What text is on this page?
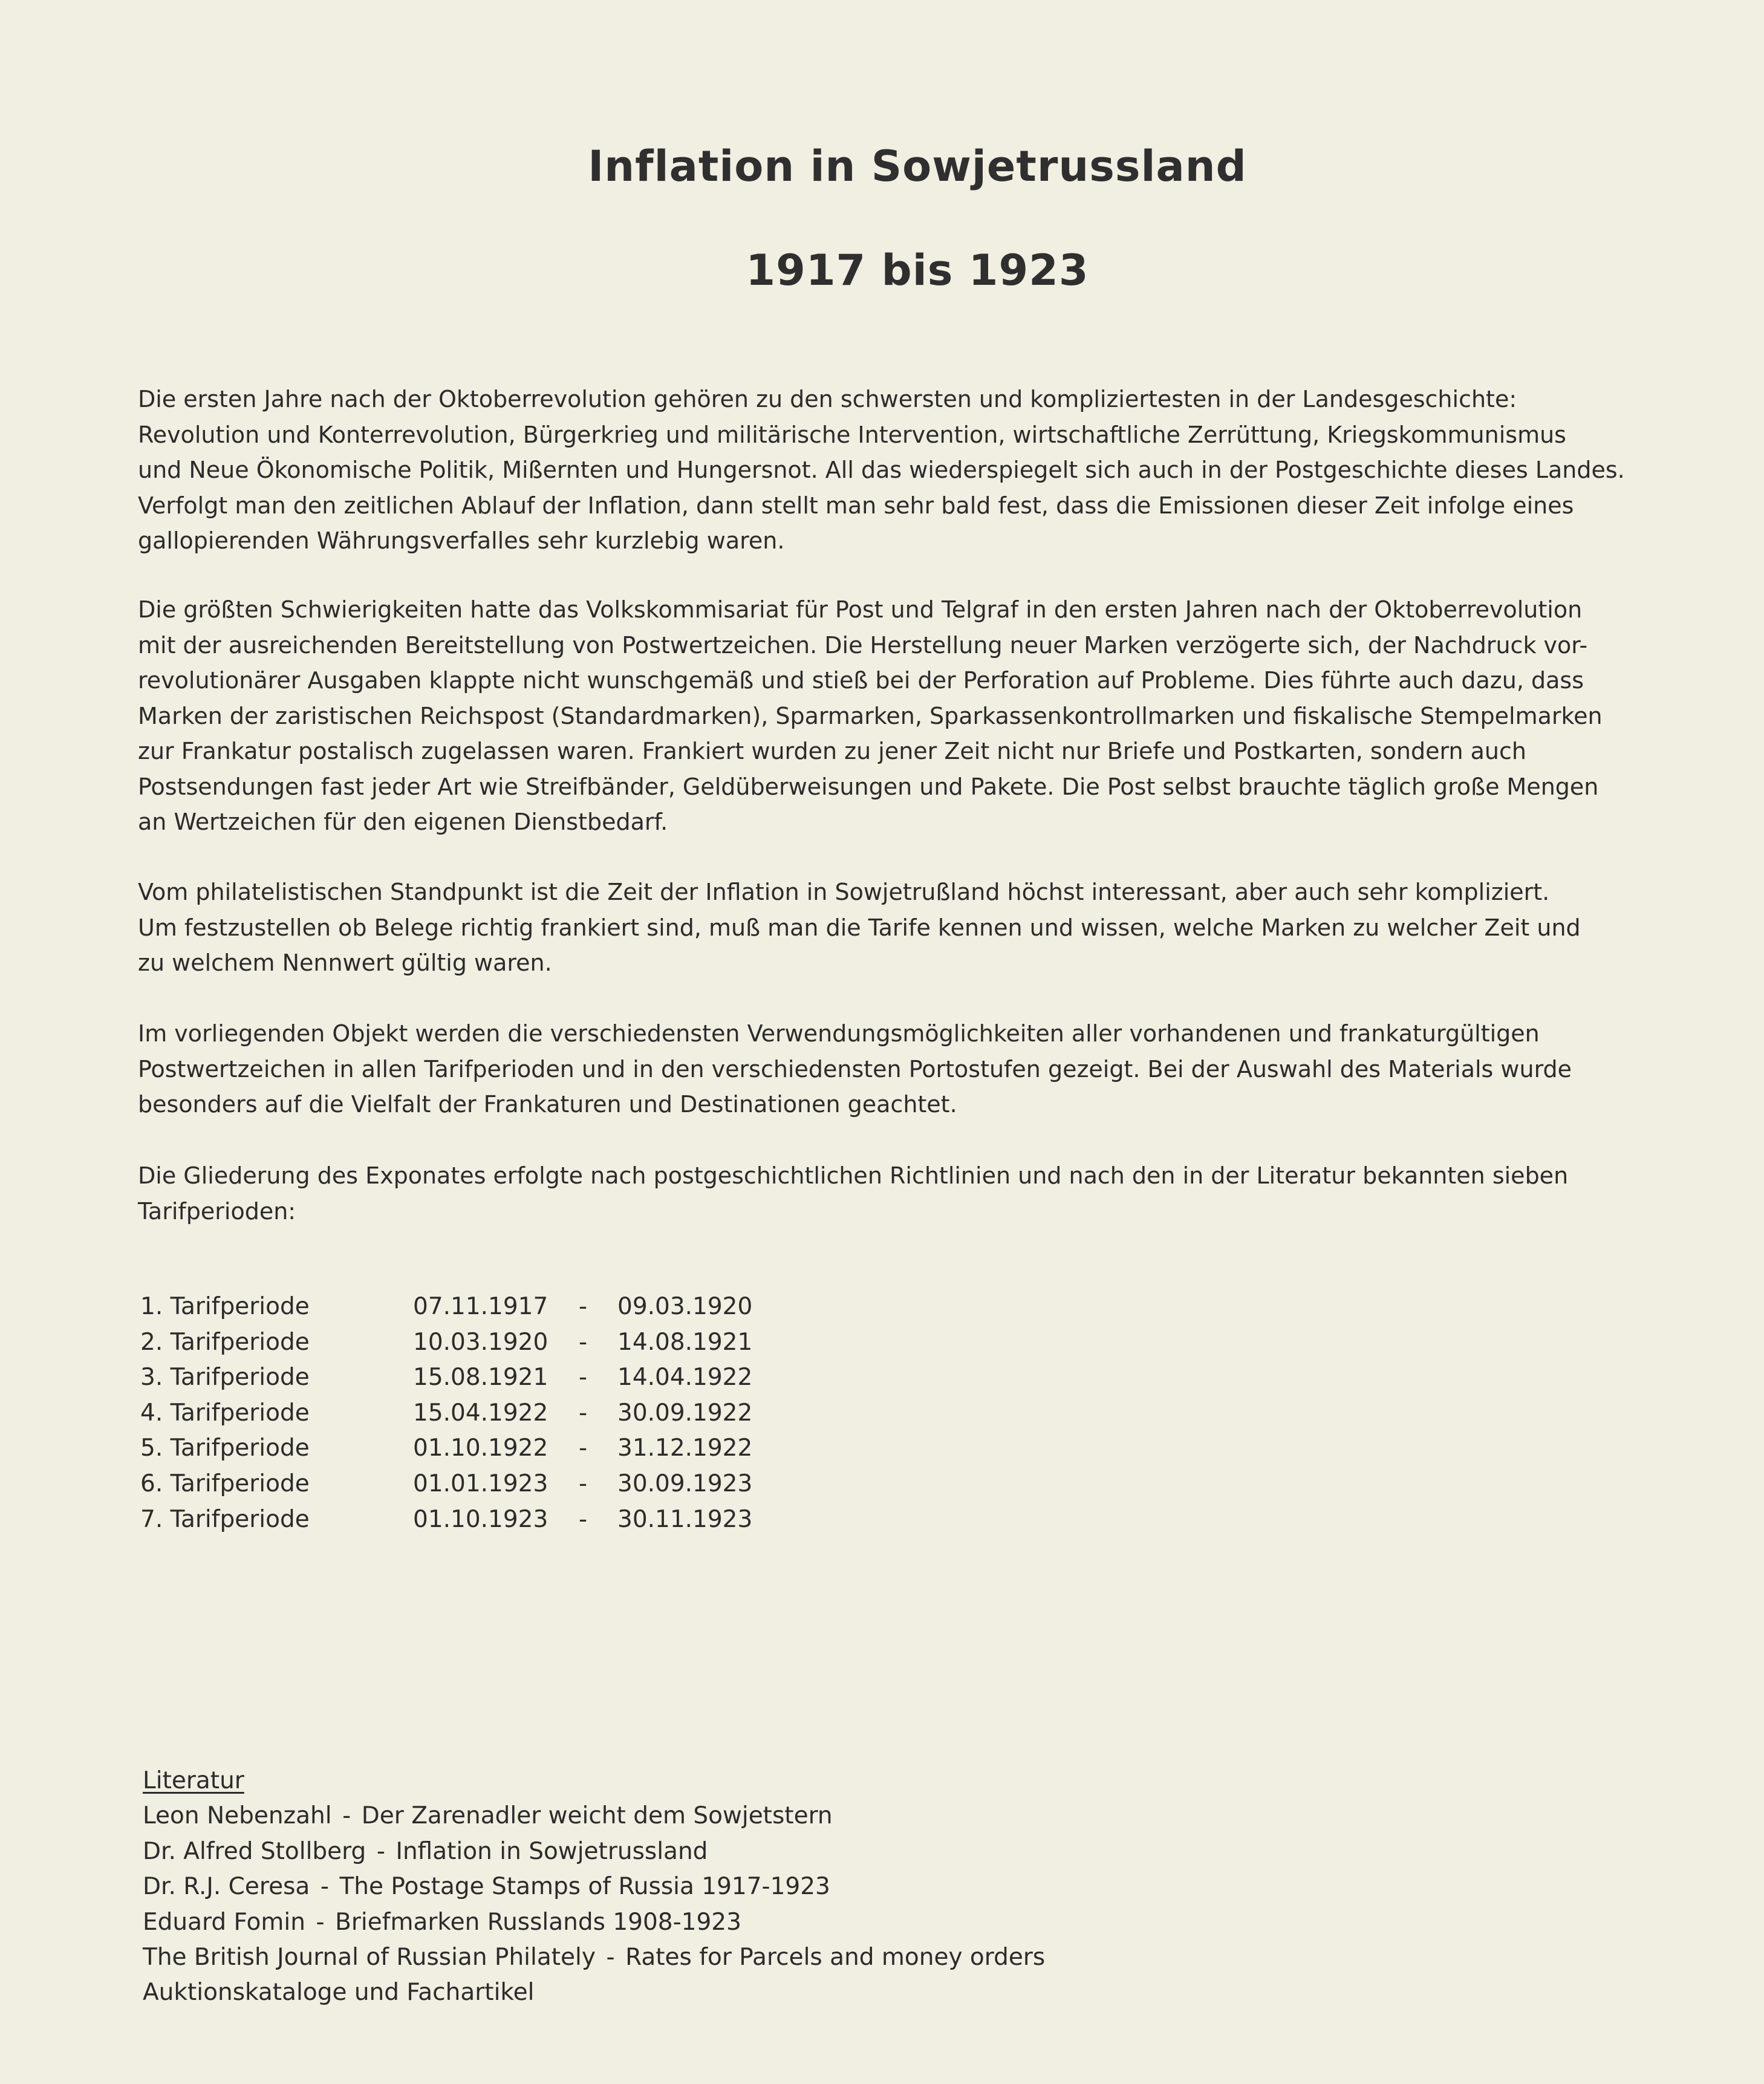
Inflation in Sowjetrussland
1917 bis 1923

Die ersten Jahre nach der Oktoberrevolution gehören zu den schwersten und kompliziertesten in der Landesgeschichte:
Revolution und Konterrevolution, Bürgerkrieg und militärische Intervention, wirtschaftliche Zerrüttung, Kriegskommunismus
und Neue Ökonomische Politik, Mißernten und Hungersnot. All das wiederspiegelt sich auch in der Postgeschichte dieses Landes.
Verfolgt man den zeitlichen Ablauf der Inflation, dann stellt man sehr bald fest, dass die Emissionen dieser Zeit infolge eines
gallopierenden Währungsverfalles sehr kurzlebig waren.

Die größten Schwierigkeiten hatte das Volkskommisariat für Post und Telgraf in den ersten Jahren nach der Oktoberrevolution
mit der ausreichenden Bereitstellung von Postwertzeichen. Die Herstellung neuer Marken verzögerte sich, der Nachdruck vor-
revolutionärer Ausgaben klappte nicht wunschgemäß und stieß bei der Perforation auf Probleme. Dies führte auch dazu, dass
Marken der zaristischen Reichspost (Standardmarken), Sparmarken, Sparkassenkontrollmarken und fiskalische Stempelmarken
zur Frankatur postalisch zugelassen waren. Frankiert wurden zu jener Zeit nicht nur Briefe und Postkarten, sondern auch
Postsendungen fast jeder Art wie Streifbänder, Geldüberweisungen und Pakete. Die Post selbst brauchte täglich große Mengen
an Wertzeichen für den eigenen Dienstbedarf.

Vom philatelistischen Standpunkt ist die Zeit der Inflation in Sowjetrußland höchst interessant, aber auch sehr kompliziert.
Um festzustellen ob Belege richtig frankiert sind, muß man die Tarife kennen und wissen, welche Marken zu welcher Zeit und
zu welchem Nennwert gültig waren.

Im vorliegenden Objekt werden die verschiedensten Verwendungsmöglichkeiten aller vorhandenen und frankaturgültigen
Postwertzeichen in allen Tarifperioden und in den verschiedensten Portostufen gezeigt. Bei der Auswahl des Materials wurde
besonders auf die Vielfalt der Frankaturen und Destinationen geachtet.

Die Gliederung des Exponates erfolgte nach postgeschichtlichen Richtlinien und nach den in der Literatur bekannten sieben
Tarifperioden:

1. Tarifperiode	07.11.1917 - 09.03.1920
2. Tarifperiode	10.03.1920 - 14.08.1921
3. Tarifperiode	15.08.1921 - 14.04.1922
4. Tarifperiode	15.04.1922 - 30.09.1922
5. Tarifperiode	01.10.1922 - 31.12.1922
6. Tarifperiode	01.01.1923 - 30.09.1923
7. Tarifperiode	01.10.1923 - 30.11.1923
Literatur
Leon Nebenzahl - Der Zarenadler weicht dem Sowjetstern
Dr. Alfred Stollberg - Inflation in Sowjetrussland
Dr. R.J. Ceresa - The Postage Stamps of Russia 1917-1923
Eduard Fomin - Briefmarken Russlands 1908-1923
The British Journal of Russian Philately - Rates for Parcels and money orders
Auktionskataloge und Fachartikel
